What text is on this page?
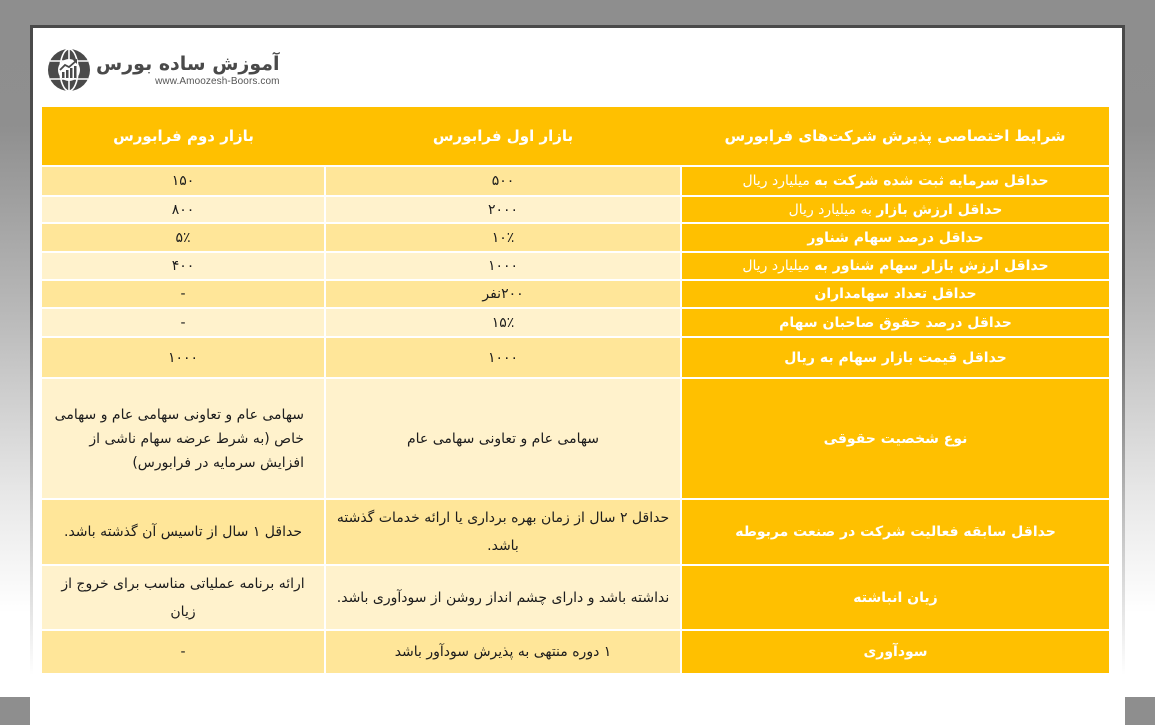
آموزش ساده بورس
www.Amoozesh-Boors.com
شرایط اختصاصی پذیرش شرکت‌های فرابورس	بازار اول فرابورس	بازار دوم فرابورس
حداقل سرمایه ثبت شده شرکت به میلیارد ریال	۵۰۰	۱۵۰
حداقل ارزش بازار به میلیارد ریال	۲۰۰۰	۸۰۰
حداقل درصد سهام شناور	۱۰٪	۵٪
حداقل ارزش بازار سهام شناور به میلیارد ریال	۱۰۰۰	۴۰۰
حداقل تعداد سهامداران	۲۰۰نفر	-
حداقل درصد حقوق صاحبان سهام	۱۵٪	-
حداقل قیمت بازار سهام به ریال	۱۰۰۰	۱۰۰۰
نوع شخصیت حقوقی	سهامی عام و تعاونی سهامی عام	سهامی عام و تعاونی سهامی عام و سهامی خاص (به شرط عرضه سهام ناشی از افزایش سرمایه در فرابورس)
حداقل سابقه فعالیت شرکت در صنعت مربوطه	حداقل ۲ سال از زمان بهره برداری یا ارائه خدمات گذشته باشد.	حداقل ۱ سال از تاسیس آن گذشته باشد.
زیان انباشته	نداشته باشد و دارای چشم انداز روشن از سودآوری باشد.	ارائه برنامه عملیاتی مناسب برای خروج از زیان
سودآوری	۱ دوره منتهی به پذیرش سودآور باشد	-
